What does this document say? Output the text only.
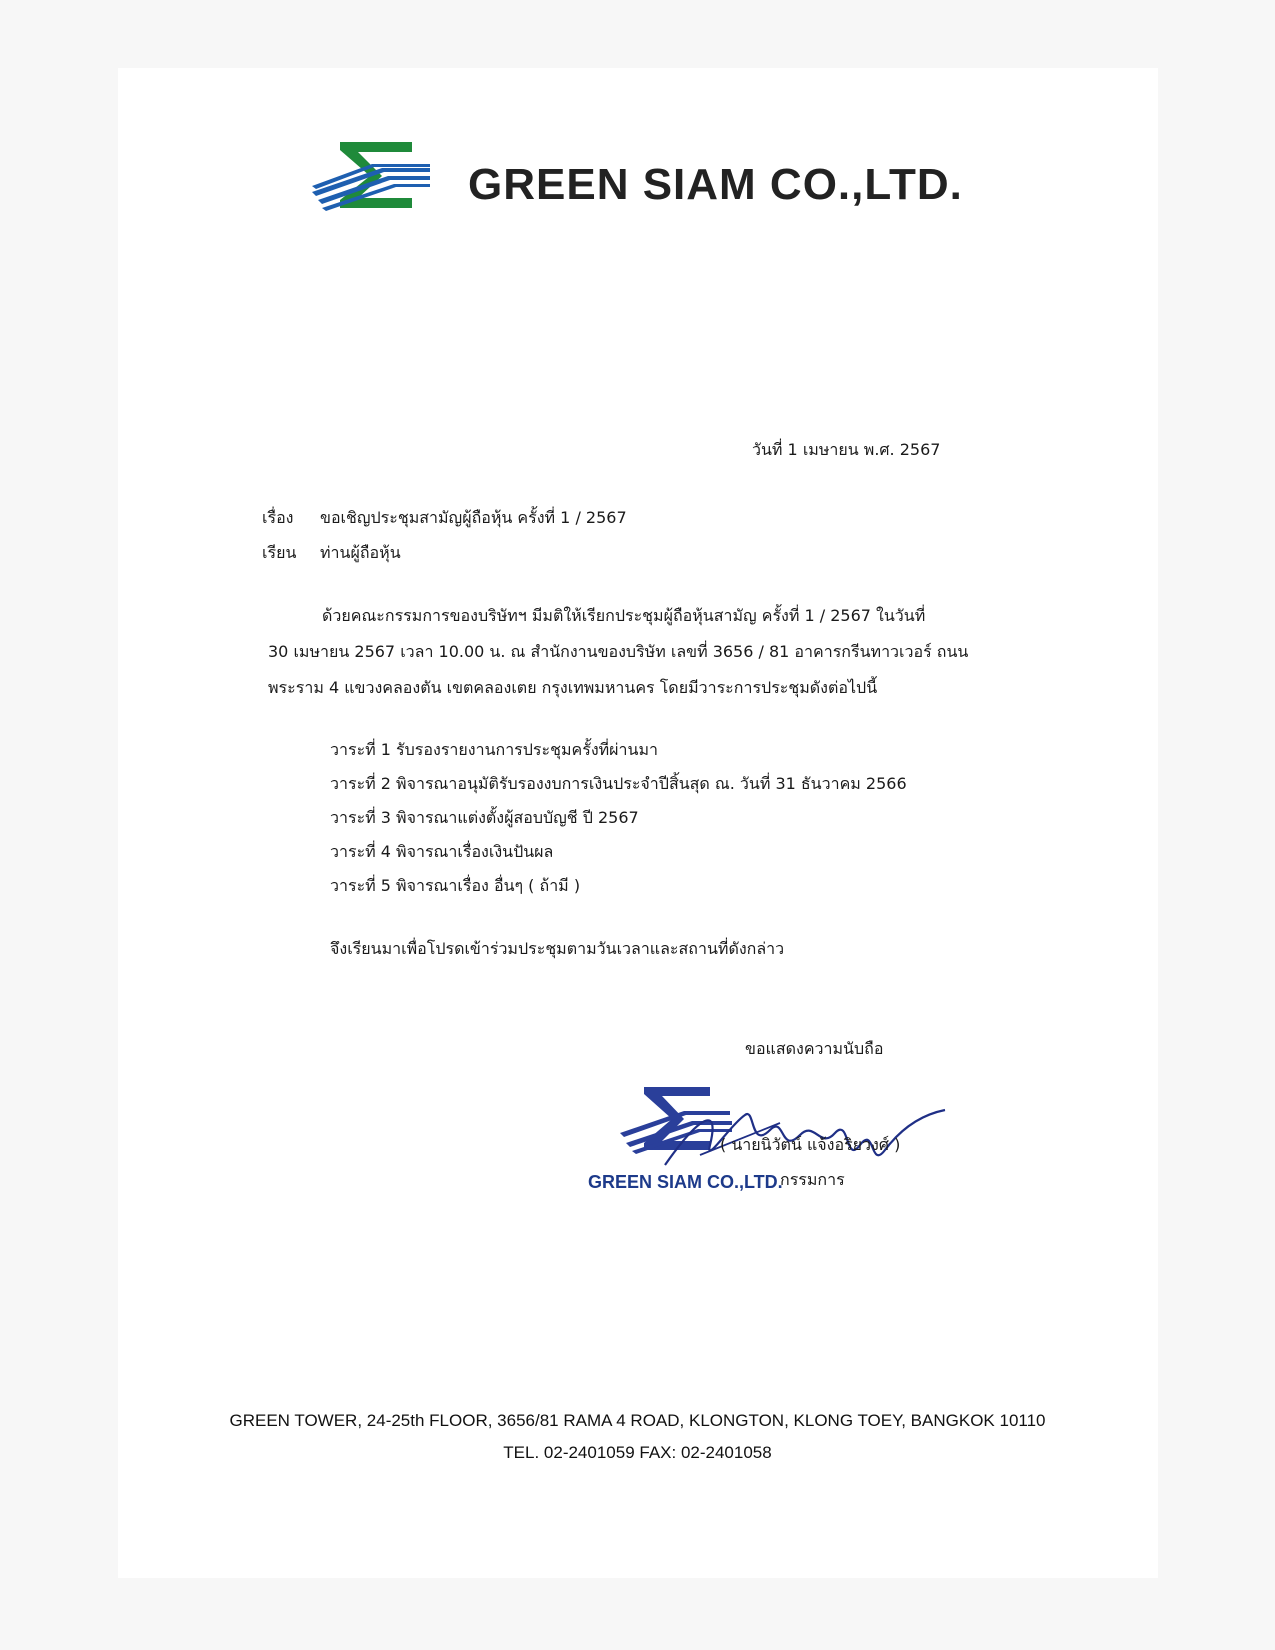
GREEN SIAM CO.,LTD.
วันที่ 1 เมษายน พ.ศ. 2567
เรื่อง ขอเชิญประชุมสามัญผู้ถือหุ้น ครั้งที่ 1 / 2567
เรียน ท่านผู้ถือหุ้น
ด้วยคณะกรรมการของบริษัทฯ มีมติให้เรียกประชุมผู้ถือหุ้นสามัญ ครั้งที่ 1 / 2567 ในวันที่
30 เมษายน 2567 เวลา 10.00 น. ณ สำนักงานของบริษัท เลขที่ 3656 / 81 อาคารกรีนทาวเวอร์ ถนน
พระราม 4 แขวงคลองตัน เขตคลองเตย กรุงเทพมหานคร โดยมีวาระการประชุมดังต่อไปนี้
วาระที่ 1 รับรองรายงานการประชุมครั้งที่ผ่านมา
วาระที่ 2 พิจารณาอนุมัติรับรองงบการเงินประจำปีสิ้นสุด ณ. วันที่ 31 ธันวาคม 2566
วาระที่ 3 พิจารณาแต่งตั้งผู้สอบบัญชี ปี 2567
วาระที่ 4 พิจารณาเรื่องเงินปันผล
วาระที่ 5 พิจารณาเรื่อง อื่นๆ ( ถ้ามี )
จึงเรียนมาเพื่อโปรดเข้าร่วมประชุมตามวันเวลาและสถานที่ดังกล่าว
ขอแสดงความนับถือ
GREEN SIAM CO.,LTD.
( นายนิวัตน์ แจ้งอริยวงศ์ )
กรรมการ
GREEN TOWER, 24-25th FLOOR, 3656/81 RAMA 4 ROAD, KLONGTON, KLONG TOEY, BANGKOK 10110
TEL. 02-2401059 FAX: 02-2401058
